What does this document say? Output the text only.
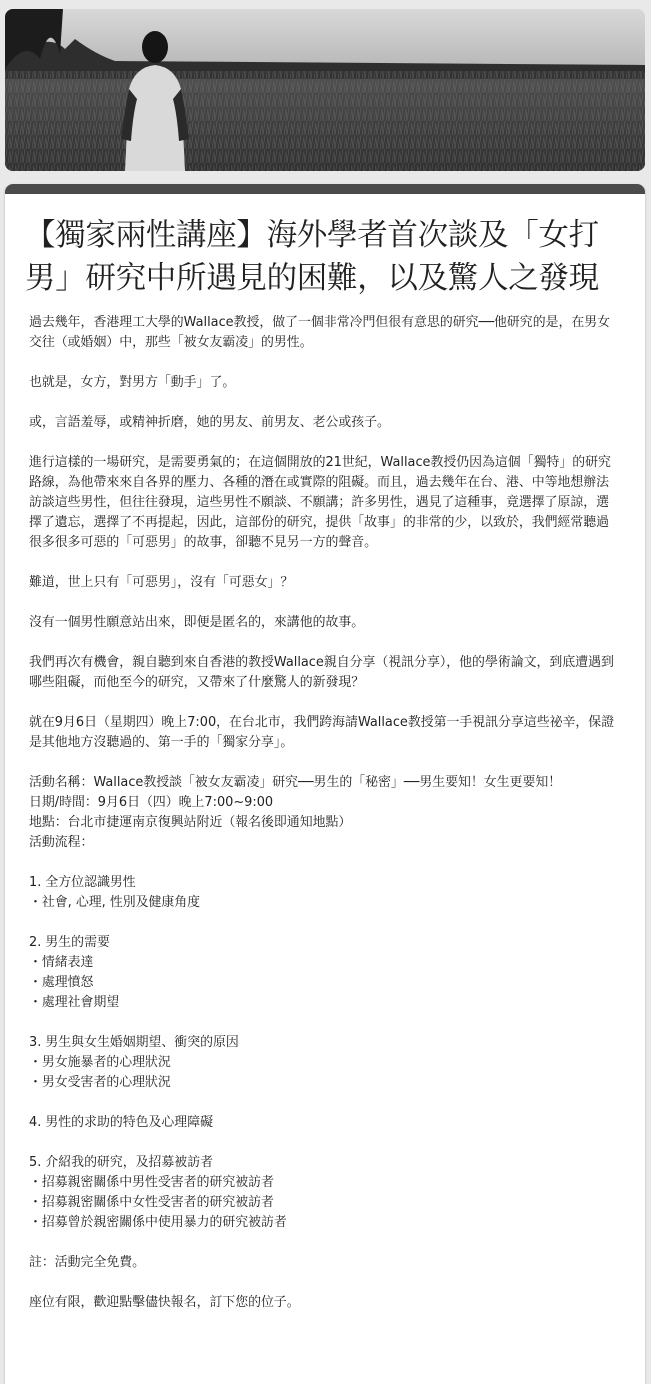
【獨家兩性講座】海外學者首次談及「女打男」研究中所遇見的困難，以及驚人之發現

過去幾年，香港理工大學的Wallace教授，做了一個非常冷門但很有意思的研究──他研究的是，在男女交往（或婚姻）中，那些「被女友霸凌」的男性。

也就是，女方，對男方「動手」了。

或，言語羞辱，或精神折磨，她的男友、前男友、老公或孩子。

進行這樣的一場研究，是需要勇氣的；在這個開放的21世紀，Wallace教授仍因為這個「獨特」的研究路線，為他帶來來自各界的壓力、各種的潛在或實際的阻礙。而且，過去幾年在台、港、中等地想辦法訪談這些男性，但往往發現，這些男性不願談、不願講；許多男性，遇見了這種事，竟選擇了原諒，選擇了遺忘，選擇了不再提起，因此，這部份的研究，提供「故事」的非常的少，以致於，我們經常聽過很多很多可惡的「可惡男」的故事，卻聽不見另一方的聲音。

難道，世上只有「可惡男」，沒有「可惡女」？

沒有一個男性願意站出來，即便是匿名的，來講他的故事。

我們再次有機會，親自聽到來自香港的教授Wallace親自分享（視訊分享），他的學術論文，到底遭遇到哪些阻礙，而他至今的研究，又帶來了什麼驚人的新發現？

就在9月6日（星期四）晚上7:00，在台北市，我們跨海請Wallace教授第一手視訊分享這些祕辛，保證是其他地方沒聽過的、第一手的「獨家分享」。

活動名稱：Wallace教授談「被女友霸凌」研究──男生的「秘密」──男生要知！女生更要知！
日期/時間：9月6日（四）晚上7:00~9:00
地點：台北市捷運南京復興站附近（報名後即通知地點）
活動流程：

1. 全方位認識男性
・社會, 心理, 性別及健康角度

2. 男生的需要
・情緒表達
・處理憤怒
・處理社會期望

3. 男生與女生婚姻期望、衝突的原因
・男女施暴者的心理狀況
・男女受害者的心理狀況

4. 男性的求助的特色及心理障礙

5. 介紹我的研究，及招募被訪者
・招募親密關係中男性受害者的研究被訪者
・招募親密關係中女性受害者的研究被訪者
・招募曾於親密關係中使用暴力的研究被訪者

註：活動完全免費。

座位有限，歡迎點擊儘快報名，訂下您的位子。
